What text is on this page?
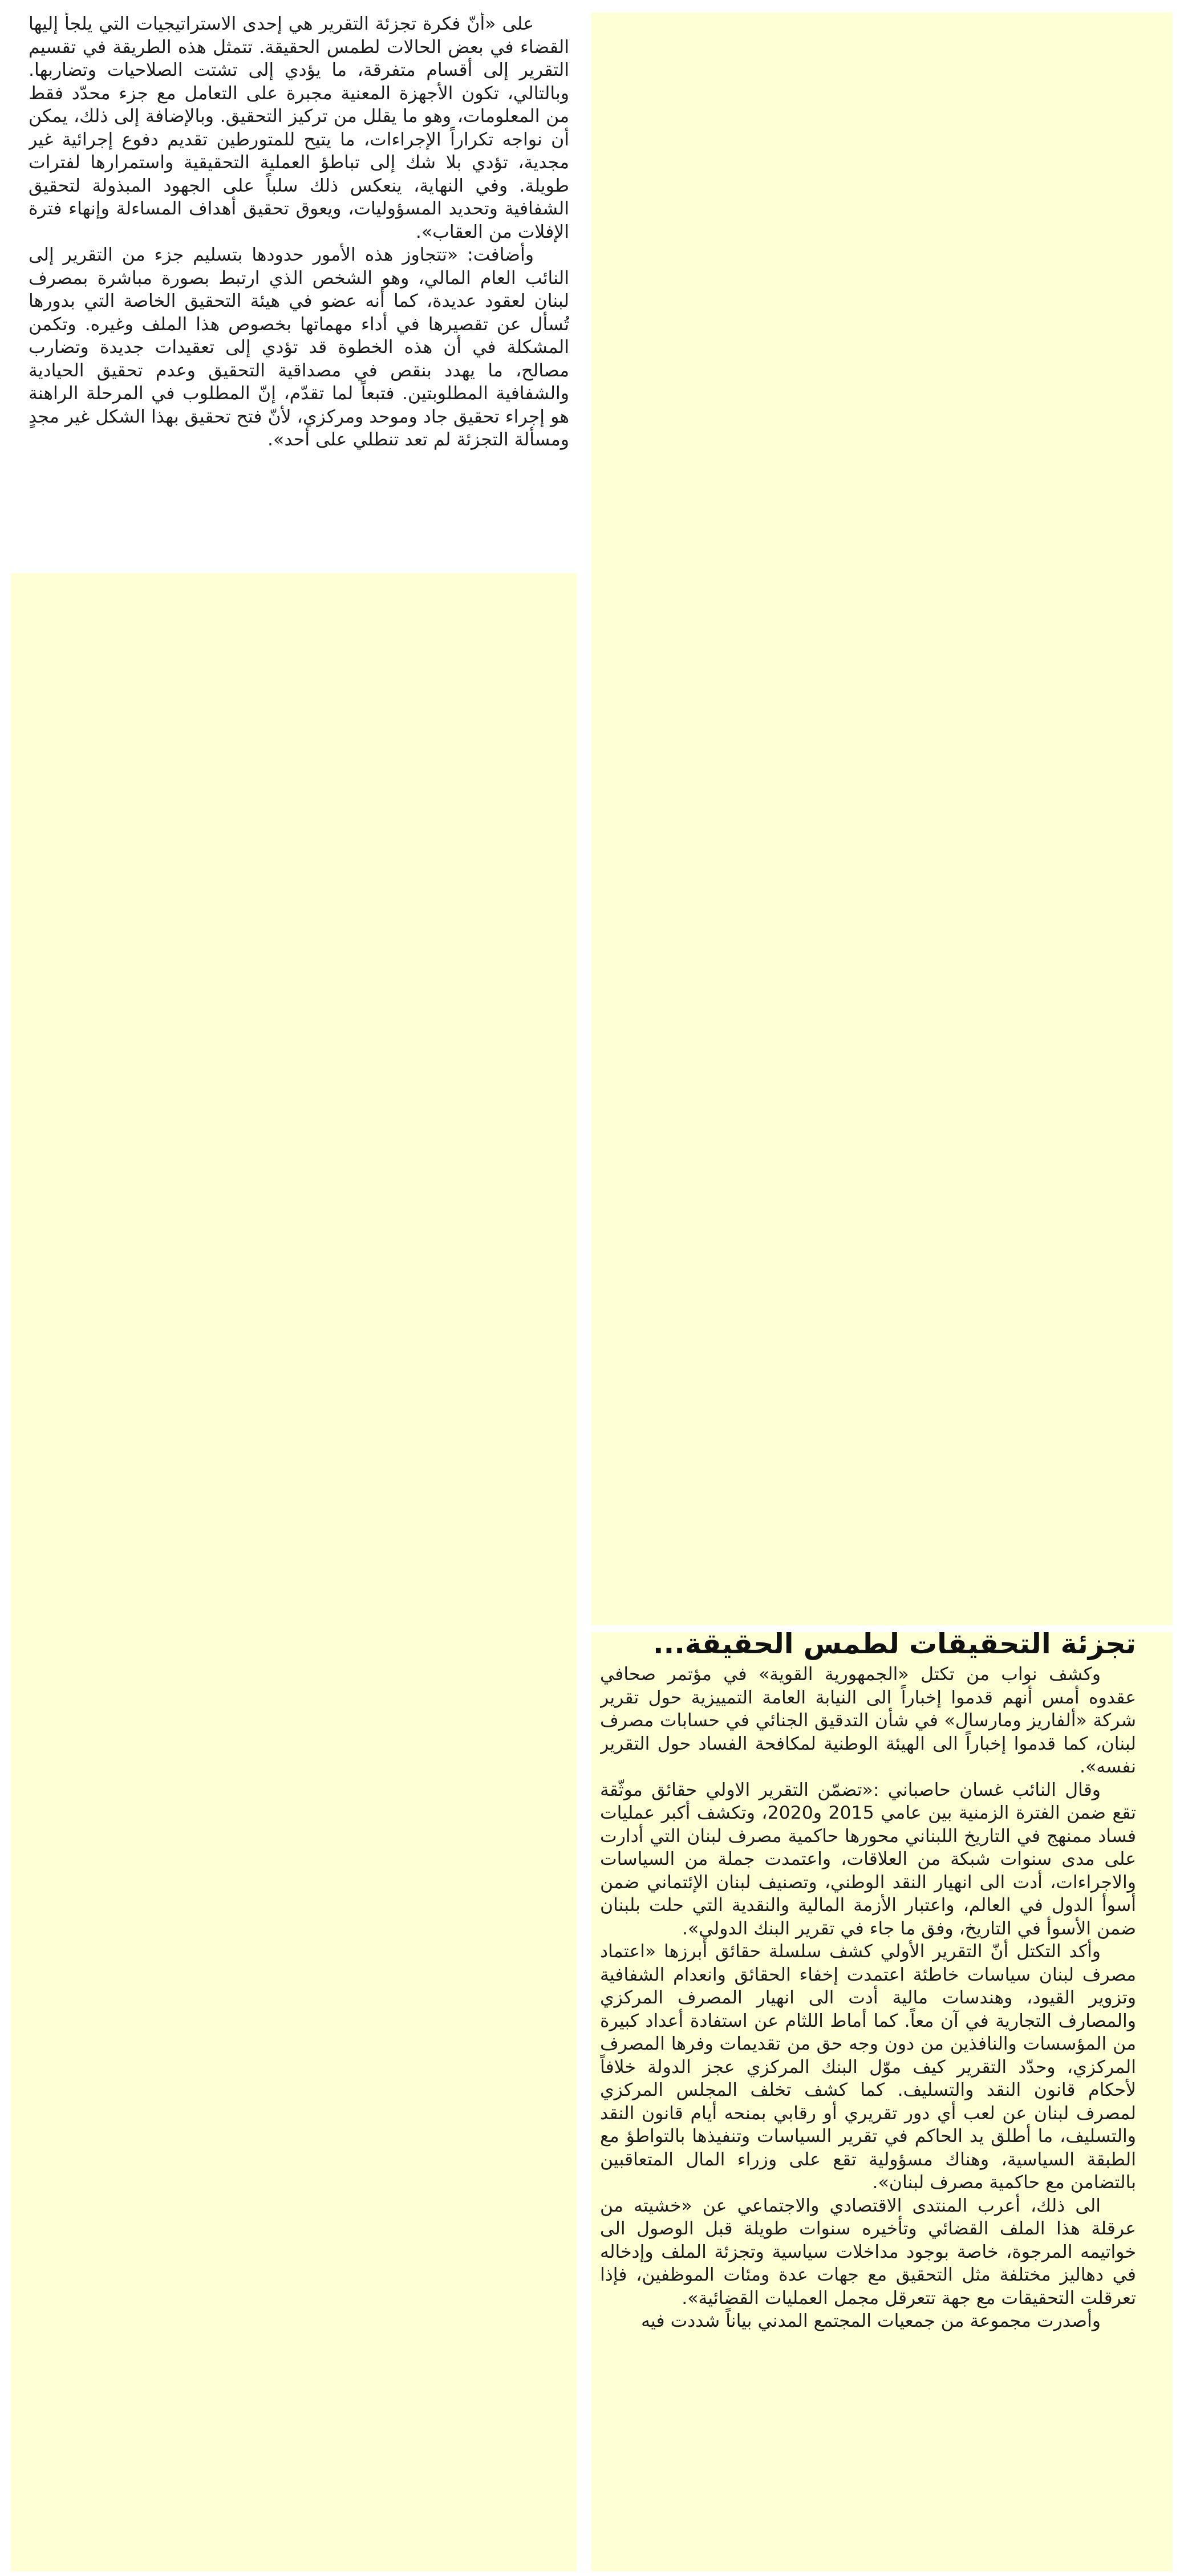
على «أنّ فكرة تجزئة التقرير هي إحدى الاستراتيجيات التي يلجأ إليها القضاء في بعض الحالات لطمس الحقيقة. تتمثل هذه الطريقة في تقسيم التقرير إلى أقسام متفرقة، ما يؤدي إلى تشتت الصلاحيات وتضاربها. وبالتالي، تكون الأجهزة المعنية مجبرة على التعامل مع جزء محدّد فقط من المعلومات، وهو ما يقلل من تركيز التحقيق. وبالإضافة إلى ذلك، يمكن أن نواجه تكراراً الإجراءات، ما يتيح للمتورطين تقديم دفوع إجرائية غير مجدية، تؤدي بلا شك إلى تباطؤ العملية التحقيقية واستمرارها لفترات طويلة. وفي النهاية، ينعكس ذلك سلباً على الجهود المبذولة لتحقيق الشفافية وتحديد المسؤوليات، ويعوق تحقيق أهداف المساءلة وإنهاء فترة الإفلات من العقاب».

وأضافت: «تتجاوز هذه الأمور حدودها بتسليم جزء من التقرير إلى النائب العام المالي، وهو الشخص الذي ارتبط بصورة مباشرة بمصرف لبنان لعقود عديدة، كما أنه عضو في هيئة التحقيق الخاصة التي بدورها تُسأل عن تقصيرها في أداء مهماتها بخصوص هذا الملف وغيره. وتكمن المشكلة في أن هذه الخطوة قد تؤدي إلى تعقيدات جديدة وتضارب مصالح، ما يهدد بنقص في مصداقية التحقيق وعدم تحقيق الحيادية والشفافية المطلوبتين. فتبعاً لما تقدّم، إنّ المطلوب في المرحلة الراهنة هو إجراء تحقيق جاد وموحد ومركزي، لأنّ فتح تحقيق بهذا الشكل غير مجدٍ ومسألة التجزئة لم تعد تنطلي على أحد».

تجزئة التحقيقات لطمس الحقيقة...

وكشف نواب من تكتل «الجمهورية القوية» في مؤتمر صحافي عقدوه أمس أنهم قدموا إخباراً الى النيابة العامة التمييزية حول تقرير شركة «ألفاريز ومارسال» في شأن التدقيق الجنائي في حسابات مصرف لبنان، كما قدموا إخباراً الى الهيئة الوطنية لمكافحة الفساد حول التقرير نفسه».

وقال النائب غسان حاصباني :«تضمّن التقرير الاولي حقائق موثّقة تقع ضمن الفترة الزمنية بين عامي 2015 و2020، وتكشف أكبر عمليات فساد ممنهج في التاريخ اللبناني محورها حاكمية مصرف لبنان التي أدارت على مدى سنوات شبكة من العلاقات، واعتمدت جملة من السياسات والاجراءات، أدت الى انهيار النقد الوطني، وتصنيف لبنان الإئتماني ضمن أسوأ الدول في العالم، واعتبار الأزمة المالية والنقدية التي حلت بلبنان ضمن الأسوأ في التاريخ، وفق ما جاء في تقرير البنك الدولي».

وأكد التكتل أنّ التقرير الأولي كشف سلسلة حقائق أبرزها «اعتماد مصرف لبنان سياسات خاطئة اعتمدت إخفاء الحقائق وانعدام الشفافية وتزوير القيود، وهندسات مالية أدت الى انهيار المصرف المركزي والمصارف التجارية في آن معاً. كما أماط اللثام عن استفادة أعداد كبيرة من المؤسسات والنافذين من دون وجه حق من تقديمات وفرها المصرف المركزي، وحدّد التقرير كيف موّل البنك المركزي عجز الدولة خلافاً لأحكام قانون النقد والتسليف. كما كشف تخلف المجلس المركزي لمصرف لبنان عن لعب أي دور تقريري أو رقابي بمنحه أيام قانون النقد والتسليف، ما أطلق يد الحاكم في تقرير السياسات وتنفيذها بالتواطؤ مع الطبقة السياسية، وهناك مسؤولية تقع على وزراء المال المتعاقبين بالتضامن مع حاكمية مصرف لبنان».

الى ذلك، أعرب المنتدى الاقتصادي والاجتماعي عن «خشيته من عرقلة هذا الملف القضائي وتأخيره سنوات طويلة قبل الوصول الى خواتيمه المرجوة، خاصة بوجود مداخلات سياسية وتجزئة الملف وإدخاله في دهاليز مختلفة مثل التحقيق مع جهات عدة ومئات الموظفين، فإذا تعرقلت التحقيقات مع جهة تتعرقل مجمل العمليات القضائية».

وأصدرت مجموعة من جمعيات المجتمع المدني بياناً شددت فيه
